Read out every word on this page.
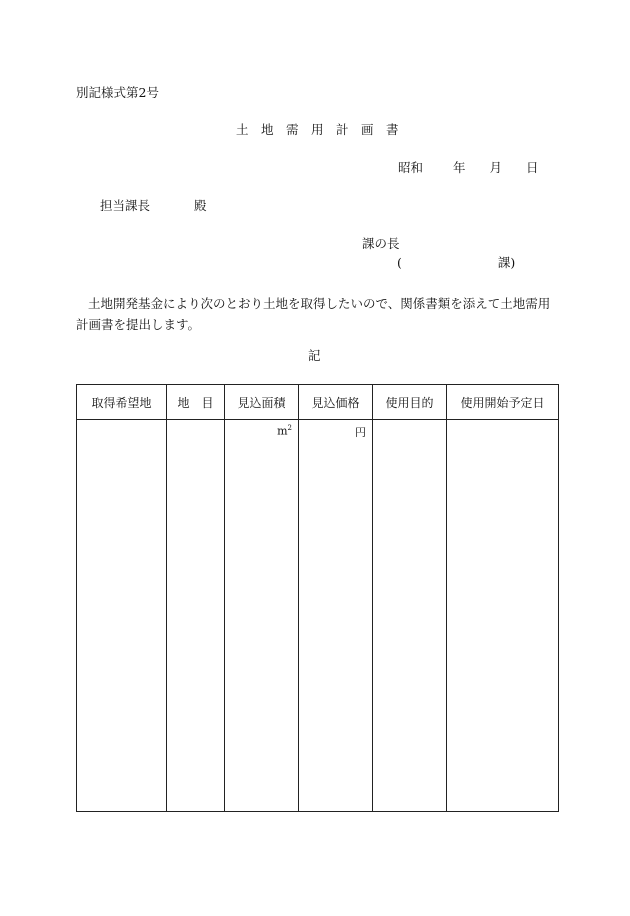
別記様式第2号
土　地　需　用　計　画　書
昭和 年 月 日
担当課長	殿
課の長
(	課)
土地開発基金により次のとおり土地を取得したいので、関係書類を添えて土地需用計画書を提出します。
記
取得希望地	地　目	見込面積	見込価格	使用目的	使用開始予定日

		$m^2$	円		
